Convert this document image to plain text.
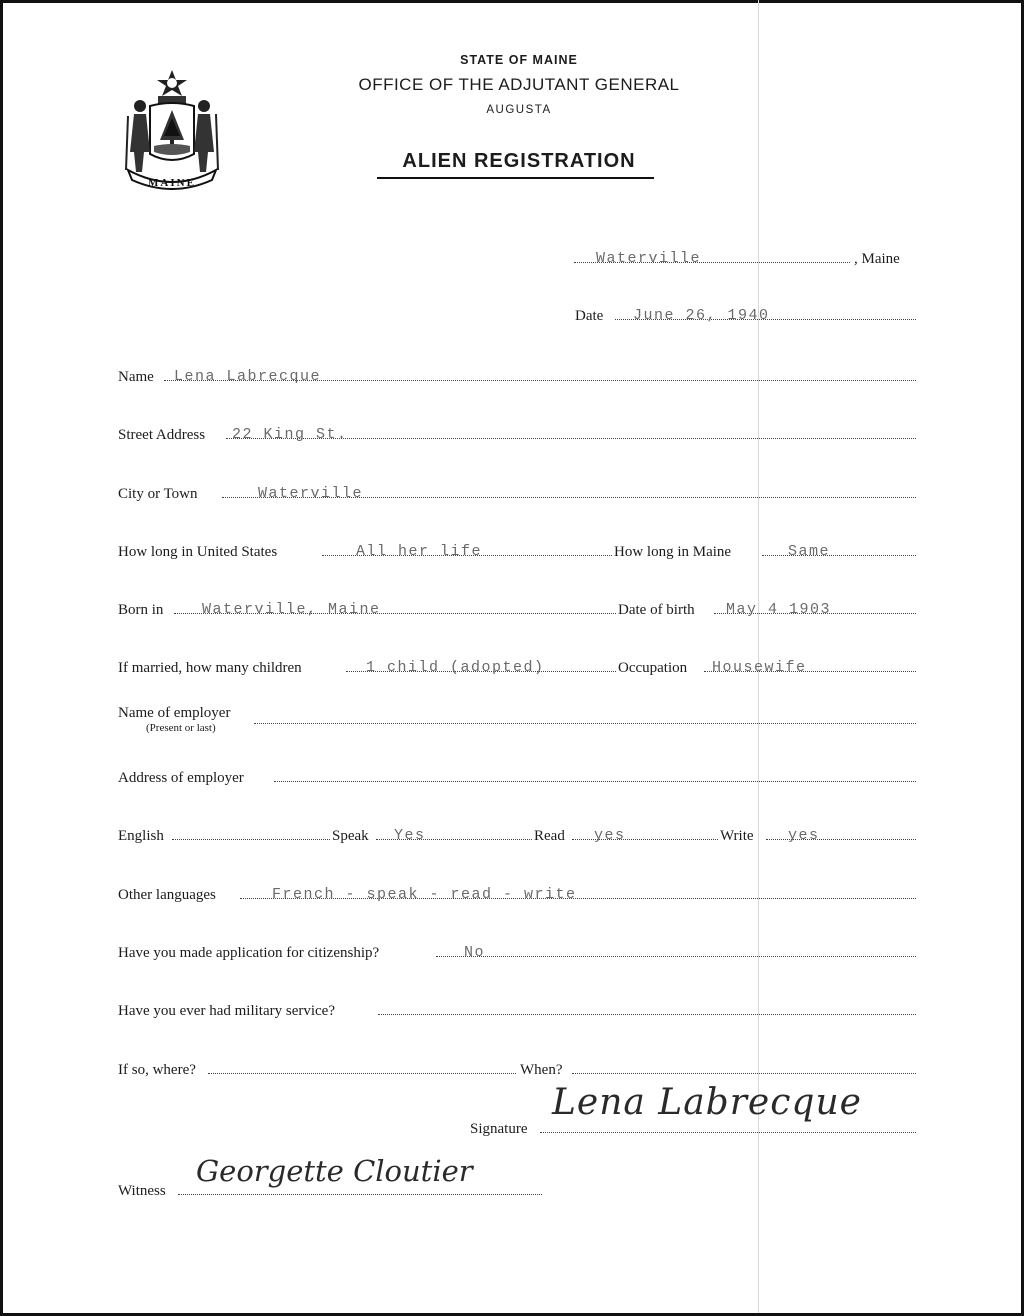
MAINE
STATE OF MAINE
OFFICE OF THE ADJUTANT GENERAL
AUGUSTA
ALIEN REGISTRATION
Waterville	, Maine
Date June 26, 1940
Name Lena Labrecque
Street Address 22 King St.
City or Town	Waterville
How long in United States	All her life	How long in Maine	Same
Born in	Waterville, Maine	Date of birth May 4 1903
If married, how many children	1 child (adopted)	Occupation Housewife
Name of employer
(Present or last)
Address of employer
English	Speak Yes	Read yes	Write yes
Other languages	French - speak - read - write
Have you made application for citizenship?	No
Have you ever had military service?
If so, where?	When?
Signature
Lena Labrecque
Witness
Georgette Cloutier
